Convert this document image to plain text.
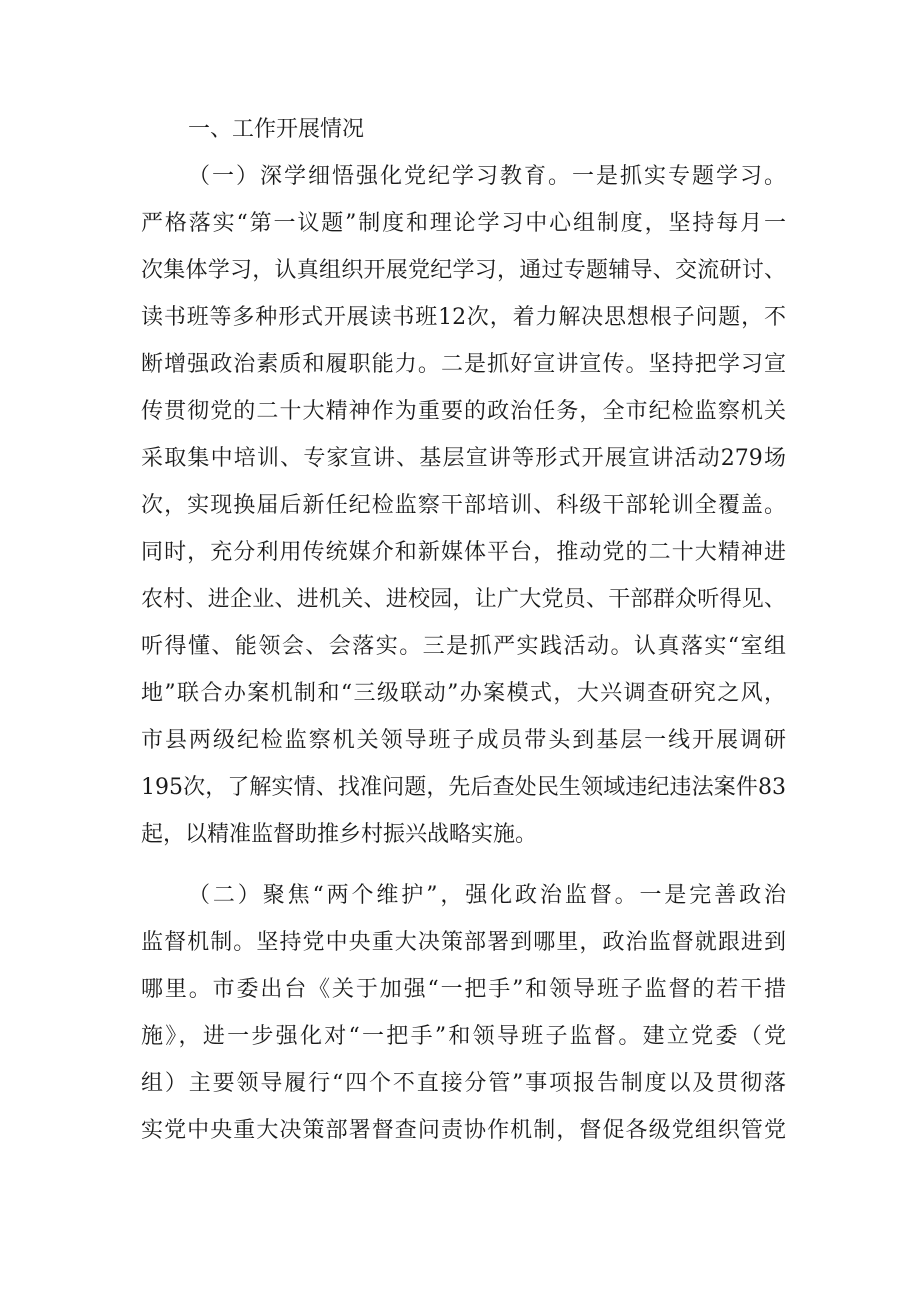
一、工作开展情况
（一）深学细悟强化党纪学习教育。一是抓实专题学习。
严格落实“第一议题”制度和理论学习中心组制度，坚持每月一
次集体学习，认真组织开展党纪学习，通过专题辅导、交流研讨、
读书班等多种形式开展读书班12次，着力解决思想根子问题，不
断增强政治素质和履职能力。二是抓好宣讲宣传。坚持把学习宣
传贯彻党的二十大精神作为重要的政治任务，全市纪检监察机关
采取集中培训、专家宣讲、基层宣讲等形式开展宣讲活动279场
次，实现换届后新任纪检监察干部培训、科级干部轮训全覆盖。
同时，充分利用传统媒介和新媒体平台，推动党的二十大精神进
农村、进企业、进机关、进校园，让广大党员、干部群众听得见、
听得懂、能领会、会落实。三是抓严实践活动。认真落实“室组
地”联合办案机制和“三级联动”办案模式，大兴调查研究之风，
市县两级纪检监察机关领导班子成员带头到基层一线开展调研
195次，了解实情、找准问题，先后查处民生领域违纪违法案件83
起，以精准监督助推乡村振兴战略实施。
（二）聚焦“两个维护”，强化政治监督。一是完善政治
监督机制。坚持党中央重大决策部署到哪里，政治监督就跟进到
哪里。市委出台《关于加强“一把手”和领导班子监督的若干措
施》，进一步强化对“一把手”和领导班子监督。建立党委（党
组）主要领导履行“四个不直接分管”事项报告制度以及贯彻落
实党中央重大决策部署督查问责协作机制，督促各级党组织管党
